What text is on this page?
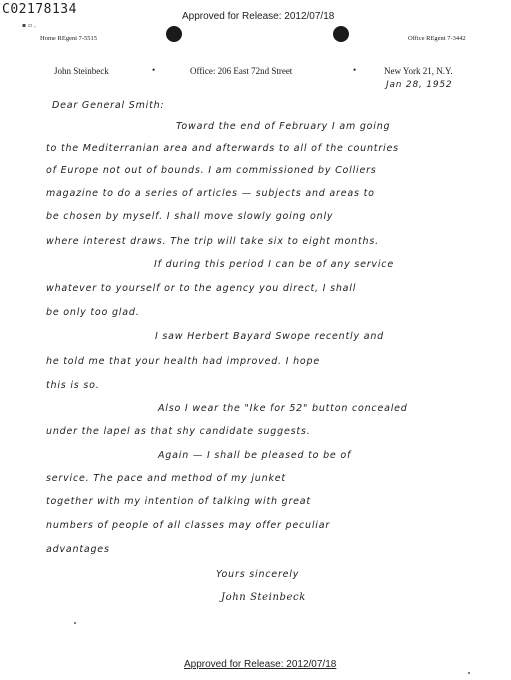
C02178134	Approved for Release: 2012/07/18
▪ ▫ ,
Home REgent 7-5515	Office REgent 7-3442
John Steinbeck	•	Office: 206 East 72nd Street	•	New York 21, N.Y.
Jan 28, 1952
Dear General Smith:
Toward the end of February I am going
to the Mediterranian area and afterwards to all of the countries
of Europe not out of bounds. I am commissioned by Colliers
magazine to do a series of articles — subjects and areas to
be chosen by myself. I shall move slowly going only
where interest draws. The trip will take six to eight months.
If during this period I can be of any service
whatever to yourself or to the agency you direct, I shall
be only too glad.
I saw Herbert Bayard Swope recently and
he told me that your health had improved. I hope
this is so.
Also I wear the "Ike for 52" button concealed
under the lapel as that shy candidate suggests.
Again — I shall be pleased to be of
service. The pace and method of my junket
together with my intention of talking with great
numbers of people of all classes may offer peculiar
advantages
Yours sincerely
John Steinbeck
Approved for Release: 2012/07/18
